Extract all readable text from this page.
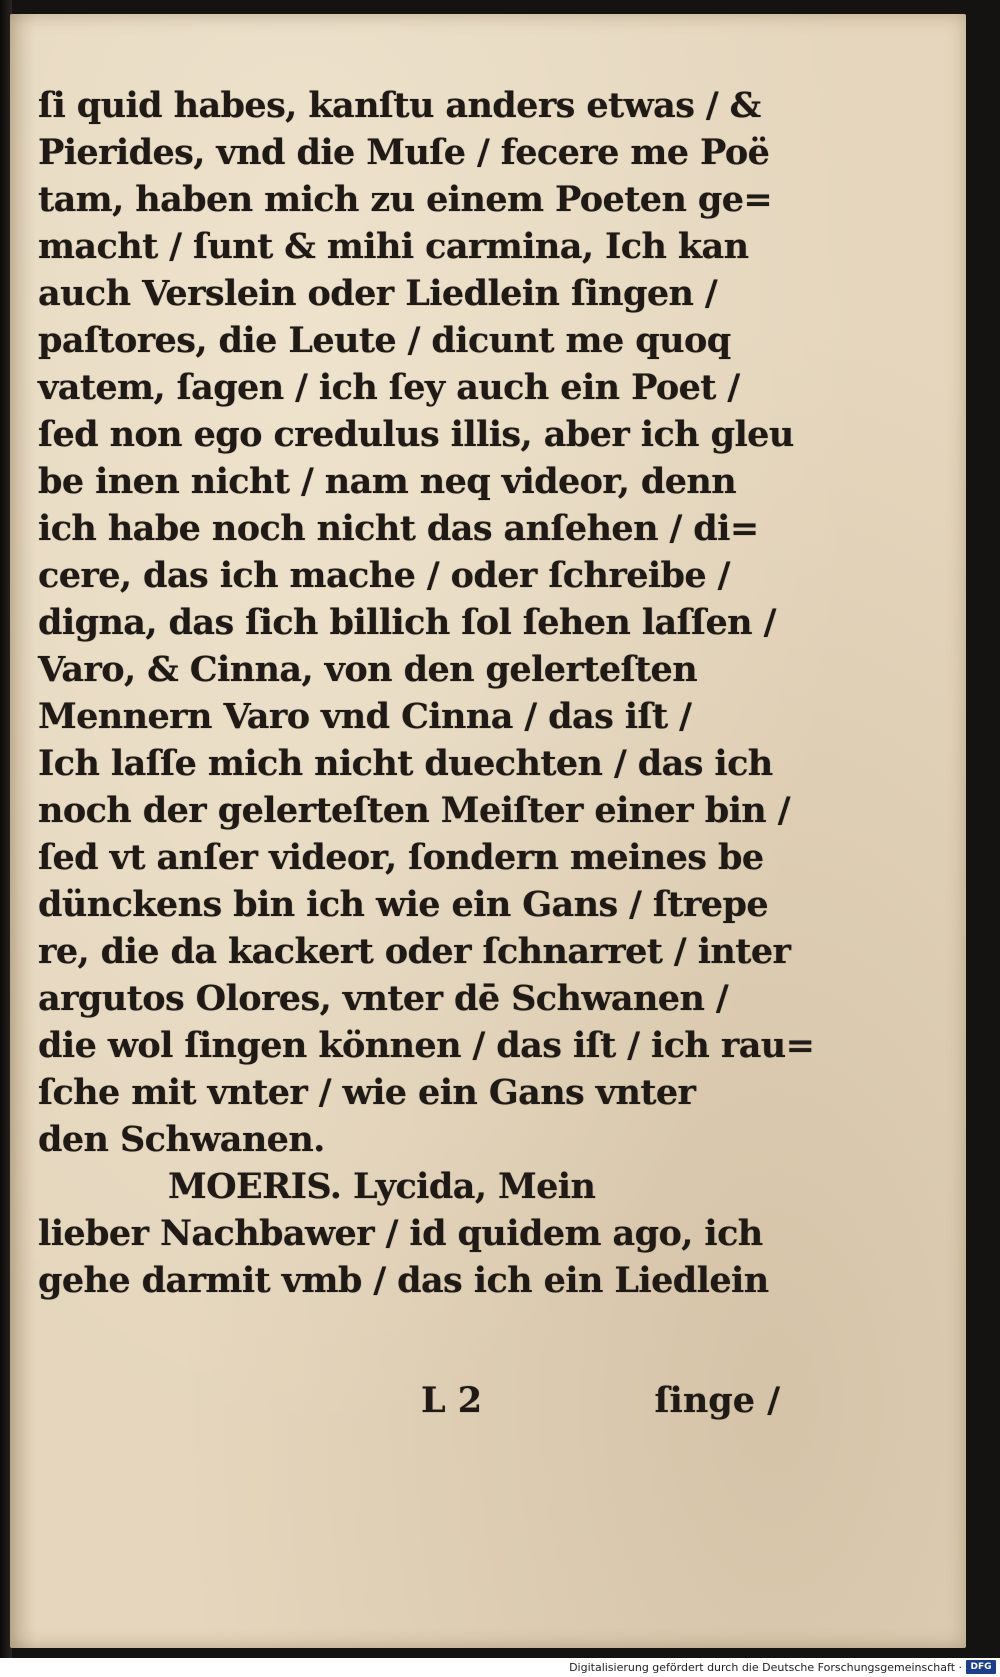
ſi quid habes, kanſtu anders etwas / &
Pierides, vnd die Muſe / fecere me Poë
tam, haben mich zu einem Poeten ge=
macht / ſunt & mihi carmina, Ich kan
auch Verslein oder Liedlein ſingen /
paſtores, die Leute / dicunt me quoq
vatem, ſagen / ich ſey auch ein Poet /
ſed non ego credulus illis, aber ich gleu
be inen nicht / nam neq videor, denn
ich habe noch nicht das anſehen / di=
cere, das ich mache / oder ſchreibe /
digna, das ſich billich ſol ſehen laſſen /
Varo, & Cinna, von den gelerteſten
Mennern Varo vnd Cinna / das iſt /
Ich laſſe mich nicht duechten / das ich
noch der gelerteſten Meiſter einer bin /
ſed vt anſer videor, ſondern meines be
dünckens bin ich wie ein Gans / ſtrepe
re, die da kackert oder ſchnarret / inter
argutos Olores, vnter dē Schwanen /
die wol ſingen können / das iſt / ich rau=
ſche mit vnter / wie ein Gans vnter
den Schwanen.
MOERIS. Lycida, Mein
lieber Nachbawer / id quidem ago, ich
gehe darmit vmb / das ich ein Liedlein
L 2	ſinge /
Digitalisierung gefördert durch die Deutsche Forschungsgemeinschaft · DFG
